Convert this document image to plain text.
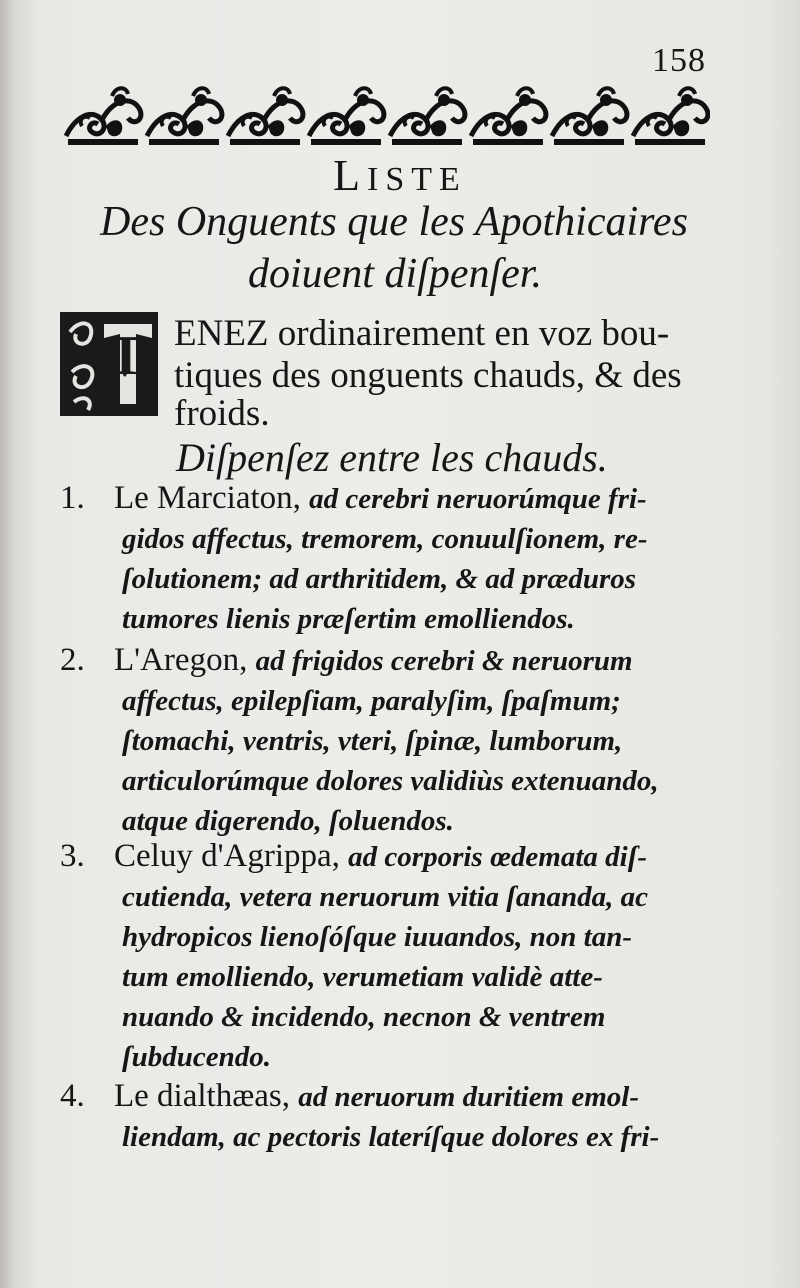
158

LISTE
Des Onguents que les Apothicaires
doiuent diſpenſer.
T ENEZ ordinairement en voz bou-
tiques des onguents chauds, & des
froids.
Diſpenſez entre les chauds.
1. Le Marciaton, ad cerebri neruorúmque fri-
gidos affectus, tremorem, conuulſionem, re-
ſolutionem; ad arthritidem, & ad præduros
tumores lienis præſertim emolliendos.
2. L'Aregon, ad frigidos cerebri & neruorum
affectus, epilepſiam, paralyſim, ſpaſmum;
ſtomachi, ventris, vteri, ſpinæ, lumborum,
articulorúmque dolores validiùs extenuando,
atque digerendo, ſoluendos.
3. Celuy d'Agrippa, ad corporis œdemata diſ-
cutienda, vetera neruorum vitia ſananda, ac
hydropicos lienoſóſque iuuandos, non tan-
tum emolliendo, verumetiam validè atte-
nuando & incidendo, necnon & ventrem
ſubducendo.
4. Le dialthæas, ad neruorum duritiem emol-
liendam, ac pectoris lateríſque dolores ex fri-
